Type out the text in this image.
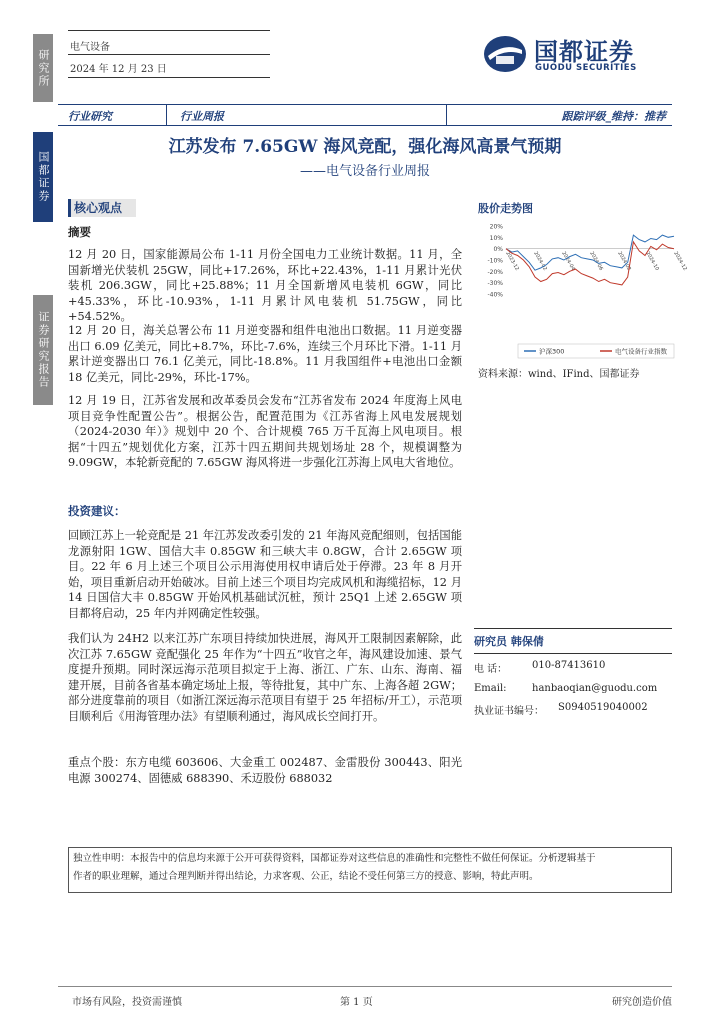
研究所
国都证券
证券研究报告
电气设备
2024 年 12 月 23 日
国都证券
GUODU SECURITIES
行业研究	行业周报	跟踪评级_维持：推荐
江苏发布 7.65GW 海风竞配，强化海风高景气预期
——电气设备行业周报
核心观点
摘要
12 月 20 日，国家能源局公布 1-11 月份全国电力工业统计数据。11 月，全国新增光伏装机 25GW，同比+17.26%，环比+22.43%，1-11 月累计光伏装机 206.3GW，同比+25.88%；11 月全国新增风电装机 6GW，同比+45.33%，环比-10.93%，1-11 月累计风电装机 51.75GW，同比+54.52%。
12 月 20 日，海关总署公布 11 月逆变器和组件电池出口数据。11 月逆变器出口 6.09 亿美元，同比+8.7%，环比-7.6%，连续三个月环比下滑。1-11 月累计逆变器出口 76.1 亿美元，同比-18.8%。11 月我国组件+电池出口金额 18 亿美元，同比-29%，环比-17%。
12 月 19 日，江苏省发展和改革委员会发布“江苏省发布 2024 年度海上风电项目竞争性配置公告”。根据公告，配置范围为《江苏省海上风电发展规划（2024-2030 年）》规划中 20 个、合计规模 765 万千瓦海上风电项目。根据“十四五”规划优化方案，江苏十四五期间共规划场址 28 个，规模调整为 9.09GW，本轮新竞配的 7.65GW 海风将进一步强化江苏海上风电大省地位。
投资建议：
回顾江苏上一轮竞配是 21 年江苏发改委引发的 21 年海风竞配细则，包括国能龙源射阳 1GW、国信大丰 0.85GW 和三峡大丰 0.8GW，合计 2.65GW 项目。22 年 6 月上述三个项目公示用海使用权申请后处于停滞。23 年 8 月开始，项目重新启动开始破冰。目前上述三个项目均完成风机和海缆招标，12 月 14 日国信大丰 0.85GW 开始风机基础试沉桩，预计 25Q1 上述 2.65GW 项目都将启动，25 年内并网确定性较强。
我们认为 24H2 以来江苏广东项目持续加快进展，海风开工限制因素解除，此次江苏 7.65GW 竞配强化 25 年作为“十四五”收官之年，海风建设加速、景气度提升预期。同时深远海示范项目拟定于上海、浙江、广东、山东、海南、福建开展，目前各省基本确定场址上报，等待批复，其中广东、上海各超 2GW；部分进度靠前的项目（如浙江深远海示范项目有望于 25 年招标/开工），示范项目顺利后《用海管理办法》有望顺利通过，海风成长空间打开。
重点个股：东方电缆 603606、大金重工 002487、金雷股份 300443、阳光电源 300274、固德威 688390、禾迈股份 688032
股价走势图
20%
10%
0%
-10%
-20%
-30%
-40%
2023-12 2024-02 2024-04 2024-06 2024-08 2024-10 2024-12
沪深300	电气设备行业指数
资料来源：wind、IFind、国都证券
研究员 韩保倩
电 话： 010-87413610
Email:	hanbaoqian@guodu.com
执业证书编号： S0940519040002
独立性申明：本报告中的信息均来源于公开可获得资料，国都证券对这些信息的准确性和完整性不做任何保证。分析逻辑基于
作者的职业理解，通过合理判断并得出结论，力求客观、公正，结论不受任何第三方的授意、影响，特此声明。
市场有风险，投资需谨慎	第 1 页	研究创造价值
